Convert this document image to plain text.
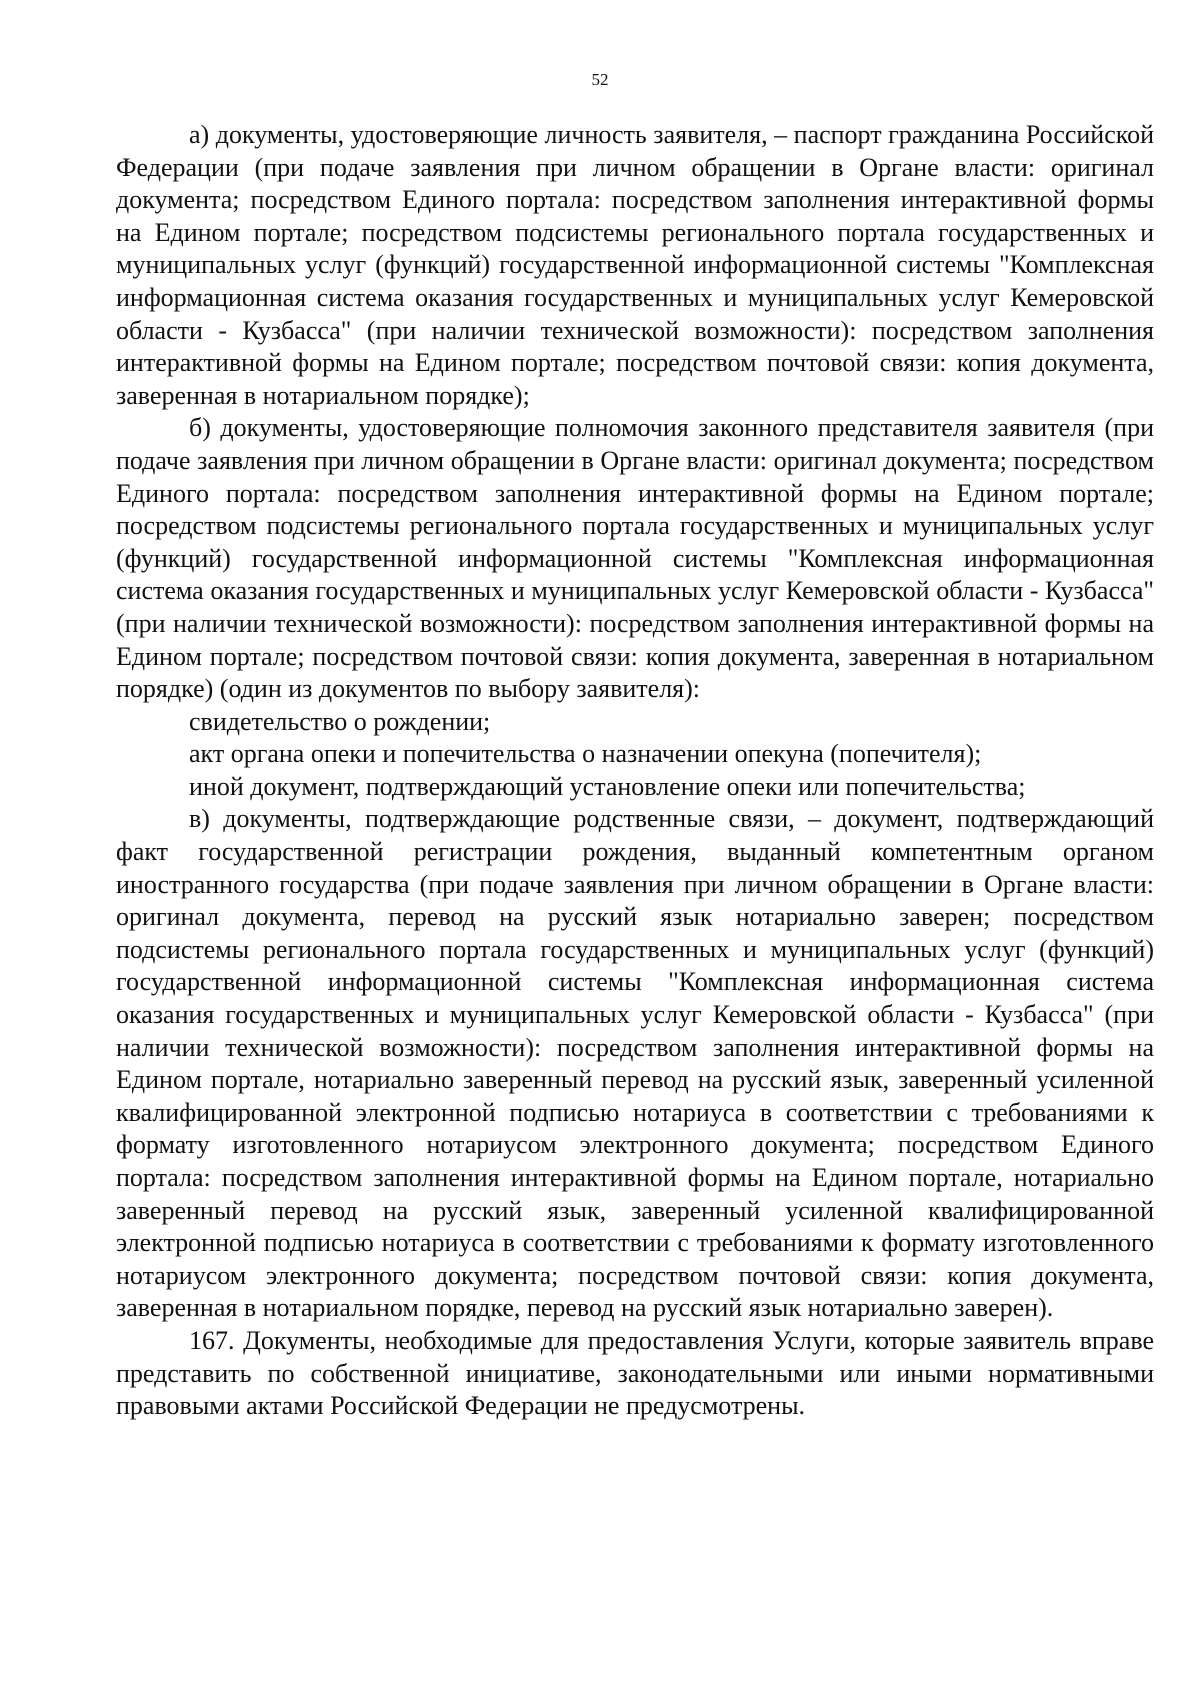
52

а) документы, удостоверяющие личность заявителя, – паспорт гражданина Российской Федерации (при подаче заявления при личном обращении в Органе власти: оригинал документа; посредством Единого портала: посредством заполнения интерактивной формы на Едином портале; посредством подсистемы регионального портала государственных и муниципальных услуг (функций) государственной информационной системы "Комплексная информационная система оказания государственных и муниципальных услуг Кемеровской области - Кузбасса" (при наличии технической возможности): посредством заполнения интерактивной формы на Едином портале; посредством почтовой связи: копия документа, заверенная в нотариальном порядке);

б) документы, удостоверяющие полномочия законного представителя заявителя (при подаче заявления при личном обращении в Органе власти: оригинал документа; посредством Единого портала: посредством заполнения интерактивной формы на Едином портале; посредством подсистемы регионального портала государственных и муниципальных услуг (функций) государственной информационной системы "Комплексная информационная система оказания государственных и муниципальных услуг Кемеровской области - Кузбасса" (при наличии технической возможности): посредством заполнения интерактивной формы на Едином портале; посредством почтовой связи: копия документа, заверенная в нотариальном порядке) (один из документов по выбору заявителя):

свидетельство о рождении;

акт органа опеки и попечительства о назначении опекуна (попечителя);

иной документ, подтверждающий установление опеки или попечительства;

в) документы, подтверждающие родственные связи, – документ, подтверждающий факт государственной регистрации рождения, выданный компетентным органом иностранного государства (при подаче заявления при личном обращении в Органе власти: оригинал документа, перевод на русский язык нотариально заверен; посредством подсистемы регионального портала государственных и муниципальных услуг (функций) государственной информационной системы "Комплексная информационная система оказания государственных и муниципальных услуг Кемеровской области - Кузбасса" (при наличии технической возможности): посредством заполнения интерактивной формы на Едином портале, нотариально заверенный перевод на русский язык, заверенный усиленной квалифицированной электронной подписью нотариуса в соответствии с требованиями к формату изготовленного нотариусом электронного документа; посредством Единого портала: посредством заполнения интерактивной формы на Едином портале, нотариально заверенный перевод на русский язык, заверенный усиленной квалифицированной электронной подписью нотариуса в соответствии с требованиями к формату изготовленного нотариусом электронного документа; посредством почтовой связи: копия документа, заверенная в нотариальном порядке, перевод на русский язык нотариально заверен).

167. Документы, необходимые для предоставления Услуги, которые заявитель вправе представить по собственной инициативе, законодательными или иными нормативными правовыми актами Российской Федерации не предусмотрены.
